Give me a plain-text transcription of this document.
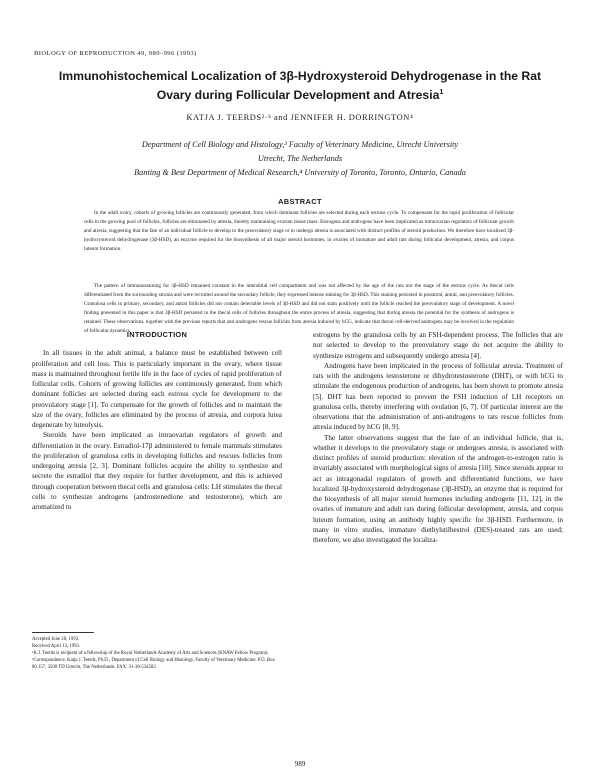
BIOLOGY OF REPRODUCTION 49, 989–996 (1993)
Immunohistochemical Localization of 3β-Hydroxysteroid Dehydrogenase in the Rat
Ovary during Follicular Development and Atresia$^1$
KATJA J. TEERDS²·³ and JENNIFER H. DORRINGTON⁴
Department of Cell Biology and Histology,³ Faculty of Veterinary Medicine, Utrecht University
Utrecht, The Netherlands
Banting & Best Department of Medical Research,⁴ University of Toronto, Toronto, Ontario, Canada
ABSTRACT
In the adult ovary, cohorts of growing follicles are continuously generated, from which dominant follicles are selected during each estrous cycle. To compensate for the rapid proliferation of follicular cells in the growing pool of follicles, follicles are eliminated by atresia, thereby maintaining ovarian tissue mass. Estrogens and androgens have been implicated as intraovarian regulators of follicular growth and atresia, suggesting that the fate of an individual follicle to develop to the preovulatory stage or to undergo atresia is associated with distinct profiles of steroid production. We therefore have localized 3β-hydroxysteroid dehydrogenase (3β-HSD), an enzyme required for the biosynthesis of all major steroid hormones, in ovaries of immature and adult rats during follicular development, atresia, and corpus luteum formation.
The pattern of immunostaining for 3β-HSD remained constant in the interstitial cell compartment and was not affected by the age of the rats nor the stage of the estrous cycle. As thecal cells differentiated from the surrounding stroma and were recruited around the secondary follicle, they expressed intense staining for 3β-HSD. This staining persisted in preantral, antral, and preovulatory follicles. Granulosa cells in primary, secondary, and antral follicles did not contain detectable levels of 3β-HSD and did not stain positively until the follicle reached the preovulatory stage of development. A novel finding presented in this paper is that 3β-HSD persisted in the thecal cells of follicles throughout the entire process of atresia, suggesting that during atresia the potential for the synthesis of androgens is retained. These observations, together with the previous reports that anti-androgens rescue follicles from atresia induced by hCG, indicate that thecal cell-derived androgens may be involved in the regulation of follicular dynamics.
INTRODUCTION

In all tissues in the adult animal, a balance must be established between cell proliferation and cell loss. This is particularly important in the ovary, where tissue mass is maintained throughout fertile life in the face of cycles of rapid proliferation of follicular cells. Cohorts of growing follicles are continuously generated, from which dominant follicles are selected during each estrous cycle for development to the preovulatory stage [1]. To compensate for the growth of follicles and to maintain the size of the ovary, follicles are eliminated by the process of atresia, and corpora lutea degenerate by luteolysis.

Steroids have been implicated as intraovarian regulators of growth and differentiation in the ovary. Estradiol-17β administered to female mammals stimulates the proliferation of granulosa cells in developing follicles and rescues follicles from undergoing atresia [2, 3]. Dominant follicles acquire the ability to synthesize and secrete the estradiol that they require for further development, and this is achieved through cooperation between thecal cells and granulosa cells: LH stimulates the thecal cells to synthesize androgens (androstenedione and testosterone), which are aromatized to

estrogens by the granulosa cells by an FSH-dependent process. The follicles that are not selected to develop to the preovulatory stage do not acquire the ability to synthesize estrogens and subsequently undergo atresia [4].

Androgens have been implicated in the process of follicular atresia. Treatment of rats with the androgens testosterone or dihydrotestosterone (DHT), or with hCG to stimulate the endogenous production of androgens, has been shown to promote atresia [5]. DHT has been reported to prevent the FSH induction of LH receptors on granulosa cells, thereby interfering with ovulation [6, 7]. Of particular interest are the observations that the administration of anti-androgens to rats rescue follicles from atresia induced by hCG [8, 9].

The latter observations suggest that the fate of an individual follicle, that is, whether it develops to the preovulatory stage or undergoes atresia, is associated with distinct profiles of steroid production: elevation of the androgen-to-estrogen ratio is invariably associated with morphological signs of atresia [10]. Since steroids appear to act as intragonadal regulators of growth and differentiated functions, we have localized 3β-hydroxysteroid dehydrogenase (3β-HSD), an enzyme that is required for the biosynthesis of all major steroid hormones including androgens [11, 12], in the ovaries of immature and adult rats during follicular development, atresia, and corpus luteum formation, using an antibody highly specific for 3β-HSD. Furthermore, in many in vitro studies, immature diethylstilbestrol (DES)-treated rats are used; therefore, we also investigated the localiza-

Accepted June 28, 1993.

Received April 13, 1993.

¹K.J. Teerds is recipient of a fellowship of the Royal Netherlands Academy of Arts and Sciences (KNAW Fellow Program).

²Correspondence: Katja J. Teerds, Ph.D., Department of Cell Biology and Histology, Faculty of Veterinary Medicine, P.O. Box 80.157, 3508 TD Utrecht, The Netherlands. FAX: 31-30-534582.

989
